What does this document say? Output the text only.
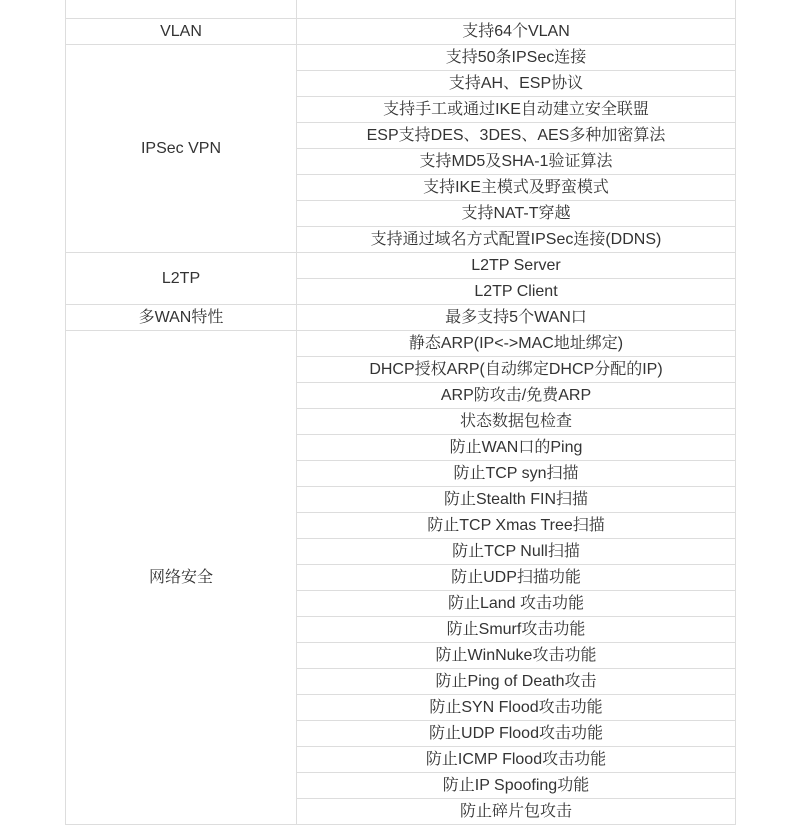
VLAN	支持64个VLAN
IPSec VPN	支持50条IPSec连接
	支持AH、ESP协议
	支持手工或通过IKE自动建立安全联盟
	ESP支持DES、3DES、AES多种加密算法
	支持MD5及SHA-1验证算法
	支持IKE主模式及野蛮模式
	支持NAT-T穿越
	支持通过域名方式配置IPSec连接(DDNS)
L2TP	L2TP Server
	L2TP Client
多WAN特性	最多支持5个WAN口
网络安全	静态ARP(IP<->MAC地址绑定)
	DHCP授权ARP(自动绑定DHCP分配的IP)
	ARP防攻击/免费ARP
	状态数据包检查
	防止WAN口的Ping
	防止TCP syn扫描
	防止Stealth FIN扫描
	防止TCP Xmas Tree扫描
	防止TCP Null扫描
	防止UDP扫描功能
	防止Land 攻击功能
	防止Smurf攻击功能
	防止WinNuke攻击功能
	防止Ping of Death攻击
	防止SYN Flood攻击功能
	防止UDP Flood攻击功能
	防止ICMP Flood攻击功能
	防止IP Spoofing功能
	防止碎片包攻击
